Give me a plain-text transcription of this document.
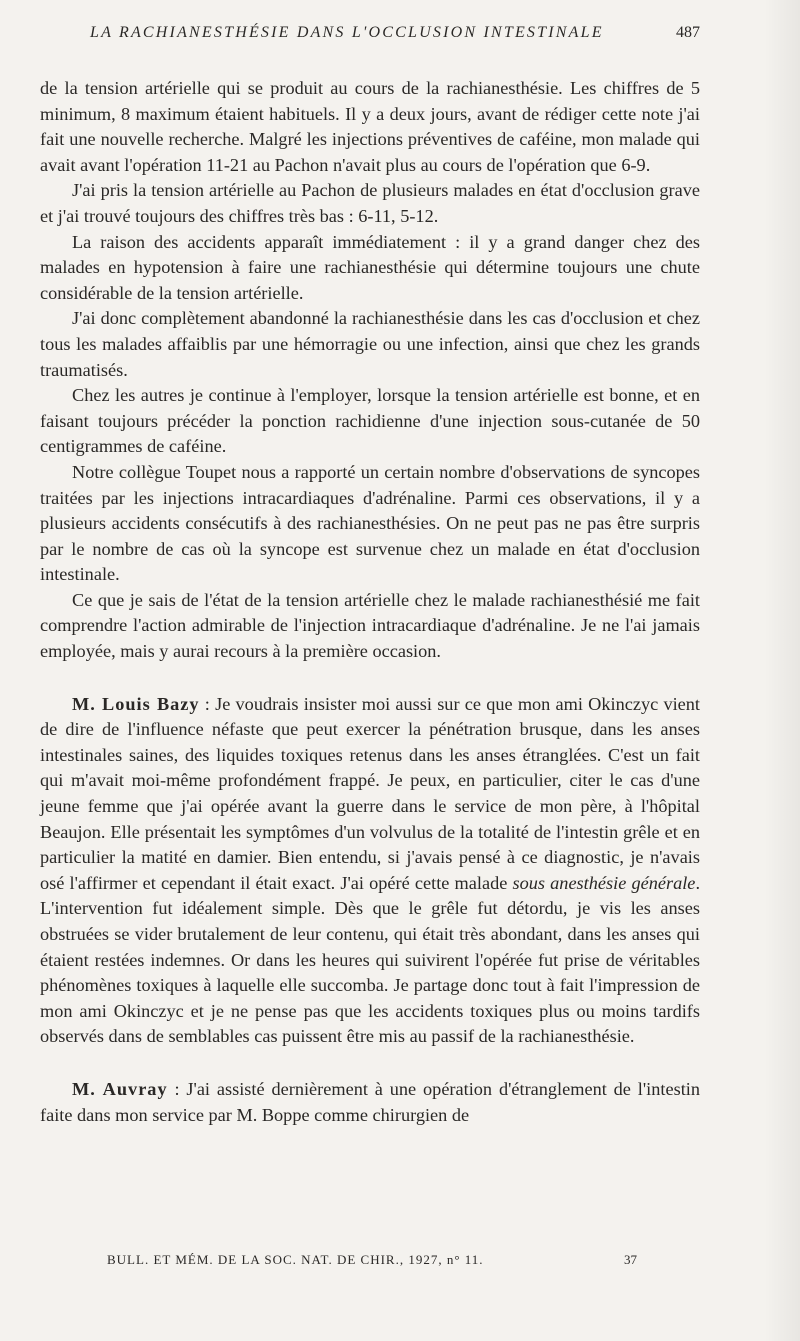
LA RACHIANESTHÉSIE DANS L'OCCLUSION INTESTINALE	487

de la tension artérielle qui se produit au cours de la rachianesthésie. Les chiffres de 5 minimum, 8 maximum étaient habituels. Il y a deux jours, avant de rédiger cette note j'ai fait une nouvelle recherche. Malgré les injections préventives de caféine, mon malade qui avait avant l'opération 11-21 au Pachon n'avait plus au cours de l'opération que 6-9.

J'ai pris la tension artérielle au Pachon de plusieurs malades en état d'occlusion grave et j'ai trouvé toujours des chiffres très bas : 6-11, 5-12.

La raison des accidents apparaît immédiatement : il y a grand danger chez des malades en hypotension à faire une rachianesthésie qui détermine toujours une chute considérable de la tension artérielle.

J'ai donc complètement abandonné la rachianesthésie dans les cas d'occlusion et chez tous les malades affaiblis par une hémorragie ou une infection, ainsi que chez les grands traumatisés.

Chez les autres je continue à l'employer, lorsque la tension artérielle est bonne, et en faisant toujours précéder la ponction rachidienne d'une injection sous-cutanée de 50 centigrammes de caféine.

Notre collègue Toupet nous a rapporté un certain nombre d'observations de syncopes traitées par les injections intracardiaques d'adrénaline. Parmi ces observations, il y a plusieurs accidents consécutifs à des rachianesthésies. On ne peut pas ne pas être surpris par le nombre de cas où la syncope est survenue chez un malade en état d'occlusion intestinale.

Ce que je sais de l'état de la tension artérielle chez le malade rachianesthésié me fait comprendre l'action admirable de l'injection intracardiaque d'adrénaline. Je ne l'ai jamais employée, mais y aurai recours à la première occasion.

M. Louis Bazy : Je voudrais insister moi aussi sur ce que mon ami Okinczyc vient de dire de l'influence néfaste que peut exercer la pénétration brusque, dans les anses intestinales saines, des liquides toxiques retenus dans les anses étranglées. C'est un fait qui m'avait moi-même profondément frappé. Je peux, en particulier, citer le cas d'une jeune femme que j'ai opérée avant la guerre dans le service de mon père, à l'hôpital Beaujon. Elle présentait les symptômes d'un volvulus de la totalité de l'intestin grêle et en particulier la matité en damier. Bien entendu, si j'avais pensé à ce diagnostic, je n'avais osé l'affirmer et cependant il était exact. J'ai opéré cette malade sous anesthésie générale. L'intervention fut idéalement simple. Dès que le grêle fut détordu, je vis les anses obstruées se vider brutalement de leur contenu, qui était très abondant, dans les anses qui étaient restées indemnes. Or dans les heures qui suivirent l'opérée fut prise de véritables phénomènes toxiques à laquelle elle succomba. Je partage donc tout à fait l'impression de mon ami Okinczyc et je ne pense pas que les accidents toxiques plus ou moins tardifs observés dans de semblables cas puissent être mis au passif de la rachianesthésie.

M. Auvray : J'ai assisté dernièrement à une opération d'étranglement de l'intestin faite dans mon service par M. Boppe comme chirurgien de

BULL. ET MÉM. DE LA SOC. NAT. DE CHIR., 1927, n° 11.	37
